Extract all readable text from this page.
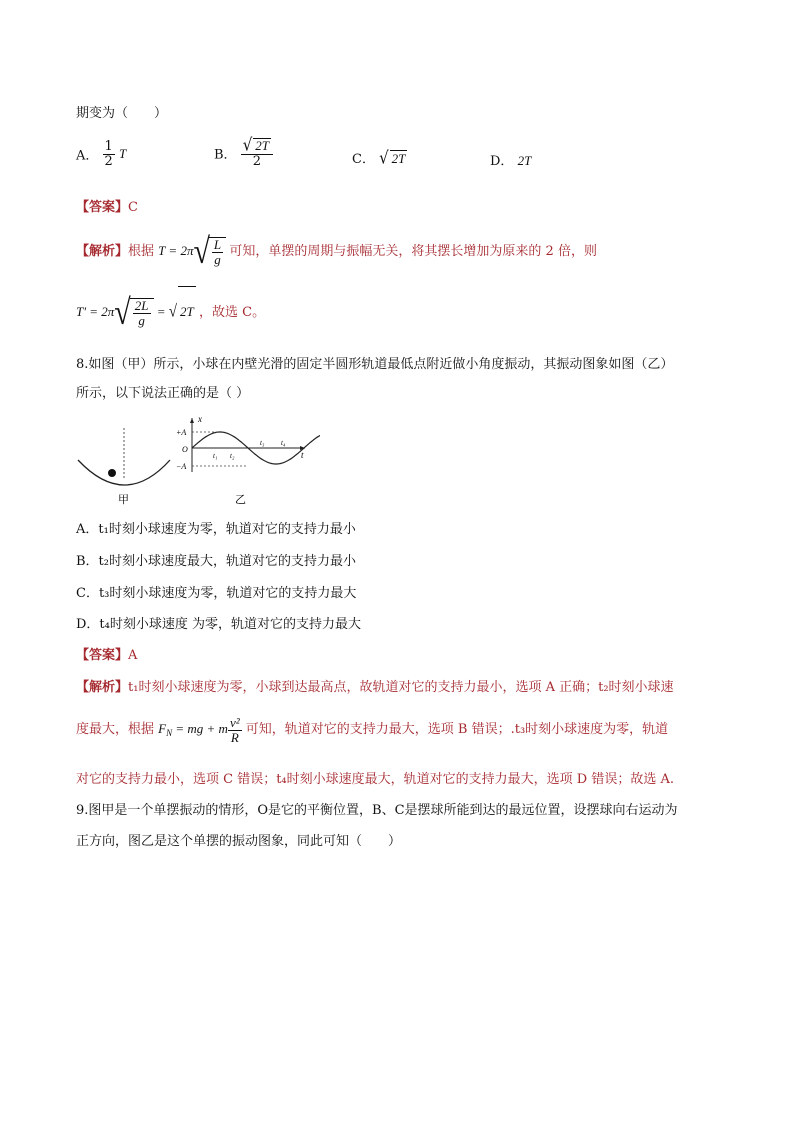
期变为（　　）
A． $\frac{1}{2}$ T	B． $\frac{√ 2T}{2}$	C． √ 2T	D． 2T
【答案】C
【解析】根据 $T = 2\pi√ \frac{L}{g}$ 可知，单摆的周期与振幅无关，将其摆长增加为原来的 2 倍，则
$T' = 2\pi√ \frac{2L}{g}$ = √ 2T ，故选 C。
8.如图（甲）所示，小球在内壁光滑的固定半圆形轨道最低点附近做小角度振动，其振动图象如图（乙）
所示，以下说法正确的是（ ）
甲
x
t
+A
O
−A
t₁ t₂
t₃ t₄
乙
A．t₁时刻小球速度为零，轨道对它的支持力最小
B．t₂时刻小球速度最大，轨道对它的支持力最小
C．t₃时刻小球速度为零，轨道对它的支持力最大
D．t₄时刻小球速度 为零，轨道对它的支持力最大
【答案】A
【解析】t₁时刻小球速度为零，小球到达最高点，故轨道对它的支持力最小，选项 A 正确；t₂时刻小球速
度最大，根据 $F_N$ = mg + m $\frac{\text{v²}}{R}$ 可知，轨道对它的支持力最大，选项 B 错误；.t₃时刻小球速度为零，轨道
对它的支持力最小，选项 C 错误；t₄时刻小球速度最大，轨道对它的支持力最大，选项 D 错误；故选 A.
9.图甲是一个单摆振动的情形，O是它的平衡位置，B、C是摆球所能到达的最远位置，设摆球向右运动为
正方向，图乙是这个单摆的振动图象，同此可知（　　）
